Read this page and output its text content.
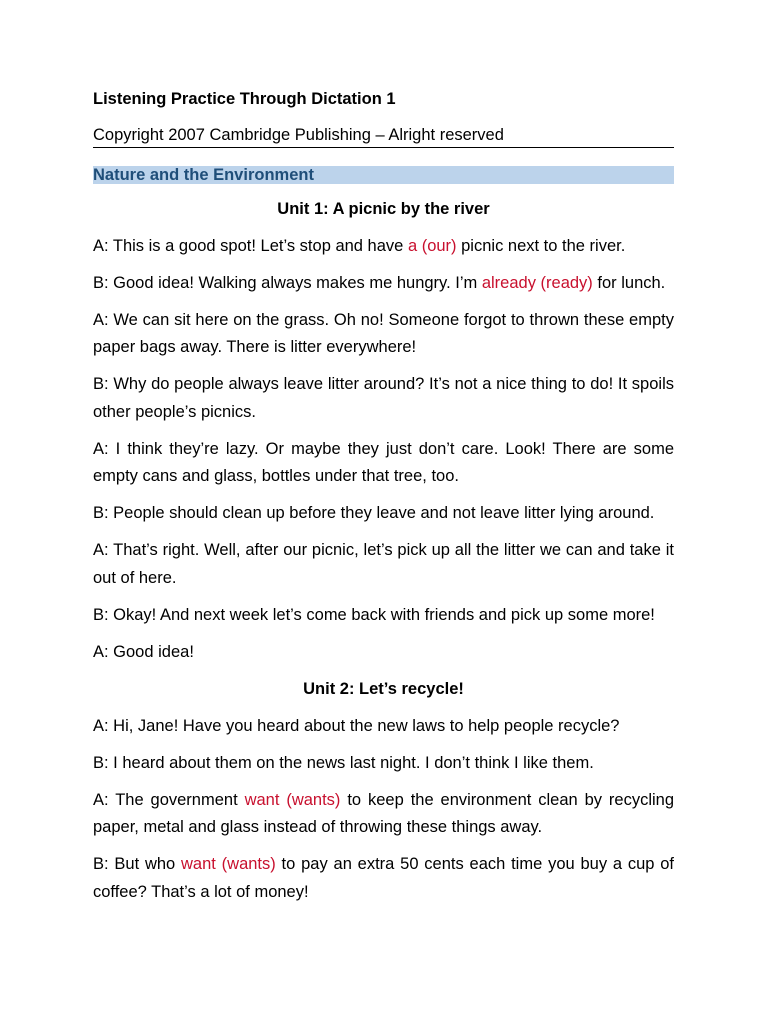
Listening Practice Through Dictation 1

Copyright 2007 Cambridge Publishing – Alright reserved

Nature and the Environment

Unit 1: A picnic by the river

A: This is a good spot! Let’s stop and have a (our) picnic next to the river.

B: Good idea! Walking always makes me hungry. I’m already (ready) for lunch.

A: We can sit here on the grass. Oh no! Someone forgot to thrown these empty paper bags away. There is litter everywhere!

B: Why do people always leave litter around? It’s not a nice thing to do! It spoils other people’s picnics.

A: I think they’re lazy. Or maybe they just don’t care. Look! There are some empty cans and glass, bottles under that tree, too.

B: People should clean up before they leave and not leave litter lying around.

A: That’s right. Well, after our picnic, let’s pick up all the litter we can and take it out of here.

B: Okay! And next week let’s come back with friends and pick up some more!

A: Good idea!

Unit 2: Let’s recycle!

A: Hi, Jane! Have you heard about the new laws to help people recycle?

B: I heard about them on the news last night. I don’t think I like them.

A: The government want (wants) to keep the environment clean by recycling paper, metal and glass instead of throwing these things away.

B: But who want (wants) to pay an extra 50 cents each time you buy a cup of coffee? That’s a lot of money!
